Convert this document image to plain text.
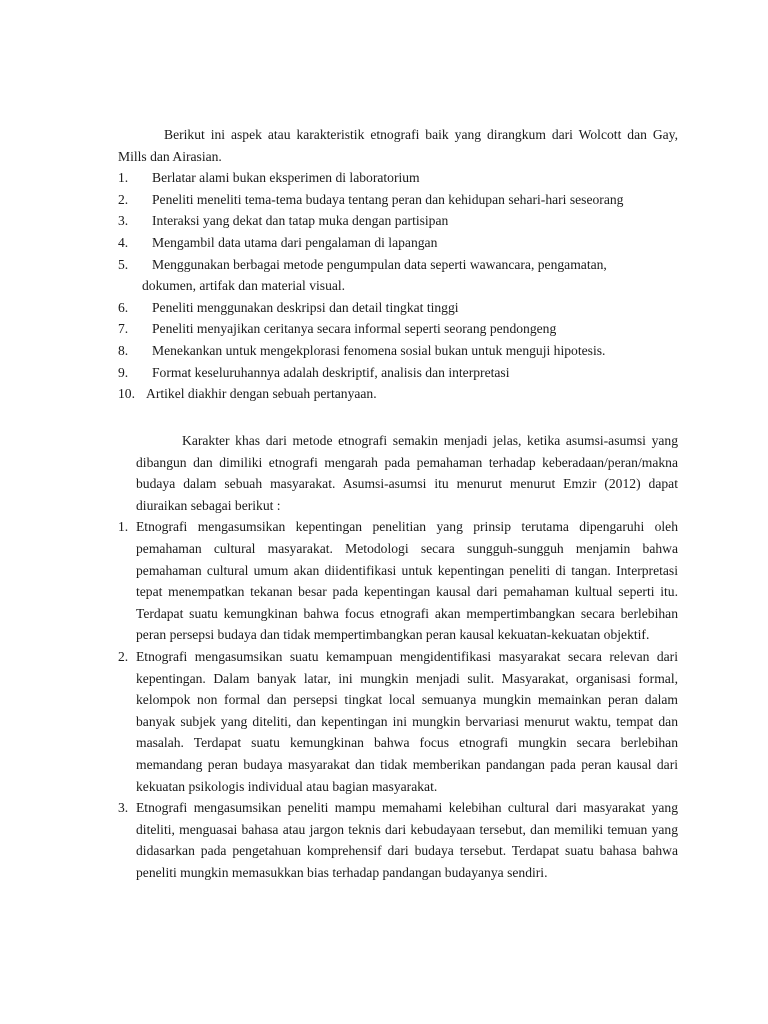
Berikut ini aspek atau karakteristik etnografi baik yang dirangkum dari Wolcott dan Gay, Mills dan Airasian.

1.	Berlatar alami bukan eksperimen di laboratorium
2.	Peneliti meneliti tema-tema budaya tentang peran dan kehidupan sehari-hari seseorang
3.	Interaksi yang dekat dan tatap muka dengan partisipan
4.	Mengambil data utama dari pengalaman di lapangan
5. Menggunakan berbagai metode pengumpulan data seperti wawancara, pengamatan,
dokumen, artifak dan material visual.
6.	Peneliti menggunakan deskripsi dan detail tingkat tinggi
7.	Peneliti menyajikan ceritanya secara informal seperti seorang pendongeng
8.	Menekankan untuk mengekplorasi fenomena sosial bukan untuk menguji hipotesis.
9.	Format keseluruhannya adalah deskriptif, analisis dan interpretasi
10. Artikel diakhir dengan sebuah pertanyaan.

Karakter khas dari metode etnografi semakin menjadi jelas, ketika asumsi-asumsi yang dibangun dan dimiliki etnografi mengarah pada pemahaman terhadap keberadaan/peran/makna budaya dalam sebuah masyarakat. Asumsi-asumsi itu menurut menurut Emzir (2012) dapat diuraikan sebagai berikut :

1. Etnografi mengasumsikan kepentingan penelitian yang prinsip terutama dipengaruhi oleh pemahaman cultural masyarakat. Metodologi secara sungguh-sungguh menjamin bahwa pemahaman cultural umum akan diidentifikasi untuk kepentingan peneliti di tangan. Interpretasi tepat menempatkan tekanan besar pada kepentingan kausal dari pemahaman kultual seperti itu. Terdapat suatu kemungkinan bahwa focus etnografi akan mempertimbangkan secara berlebihan peran persepsi budaya dan tidak mempertimbangkan peran kausal kekuatan-kekuatan objektif.
2. Etnografi mengasumsikan suatu kemampuan mengidentifikasi masyarakat secara relevan dari kepentingan. Dalam banyak latar, ini mungkin menjadi sulit. Masyarakat, organisasi formal, kelompok non formal dan persepsi tingkat local semuanya mungkin memainkan peran dalam banyak subjek yang diteliti, dan kepentingan ini mungkin bervariasi menurut waktu, tempat dan masalah. Terdapat suatu kemungkinan bahwa focus etnografi mungkin secara berlebihan memandang peran budaya masyarakat dan tidak memberikan pandangan pada peran kausal dari kekuatan psikologis individual atau bagian masyarakat.
3. Etnografi mengasumsikan peneliti mampu memahami kelebihan cultural dari masyarakat yang diteliti, menguasai bahasa atau jargon teknis dari kebudayaan tersebut, dan memiliki temuan yang didasarkan pada pengetahuan komprehensif dari budaya tersebut. Terdapat suatu bahasa bahwa peneliti mungkin memasukkan bias terhadap pandangan budayanya sendiri.
